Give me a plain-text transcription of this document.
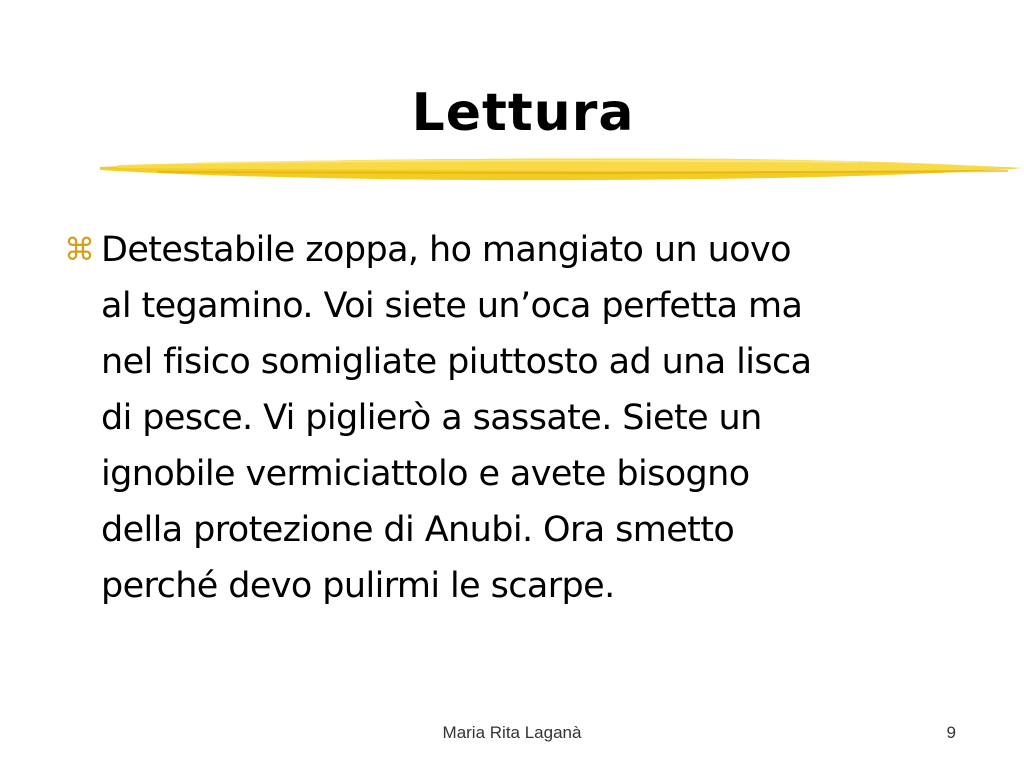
Lettura
⌘ Detestabile zoppa, ho mangiato un uovo
al tegamino. Voi siete un’oca perfetta ma
nel fisico somigliate piuttosto ad una lisca
di pesce. Vi piglierò a sassate. Siete un
ignobile vermiciattolo e avete bisogno
della protezione di Anubi. Ora smetto
perché devo pulirmi le scarpe.
Maria Rita Laganà	9
